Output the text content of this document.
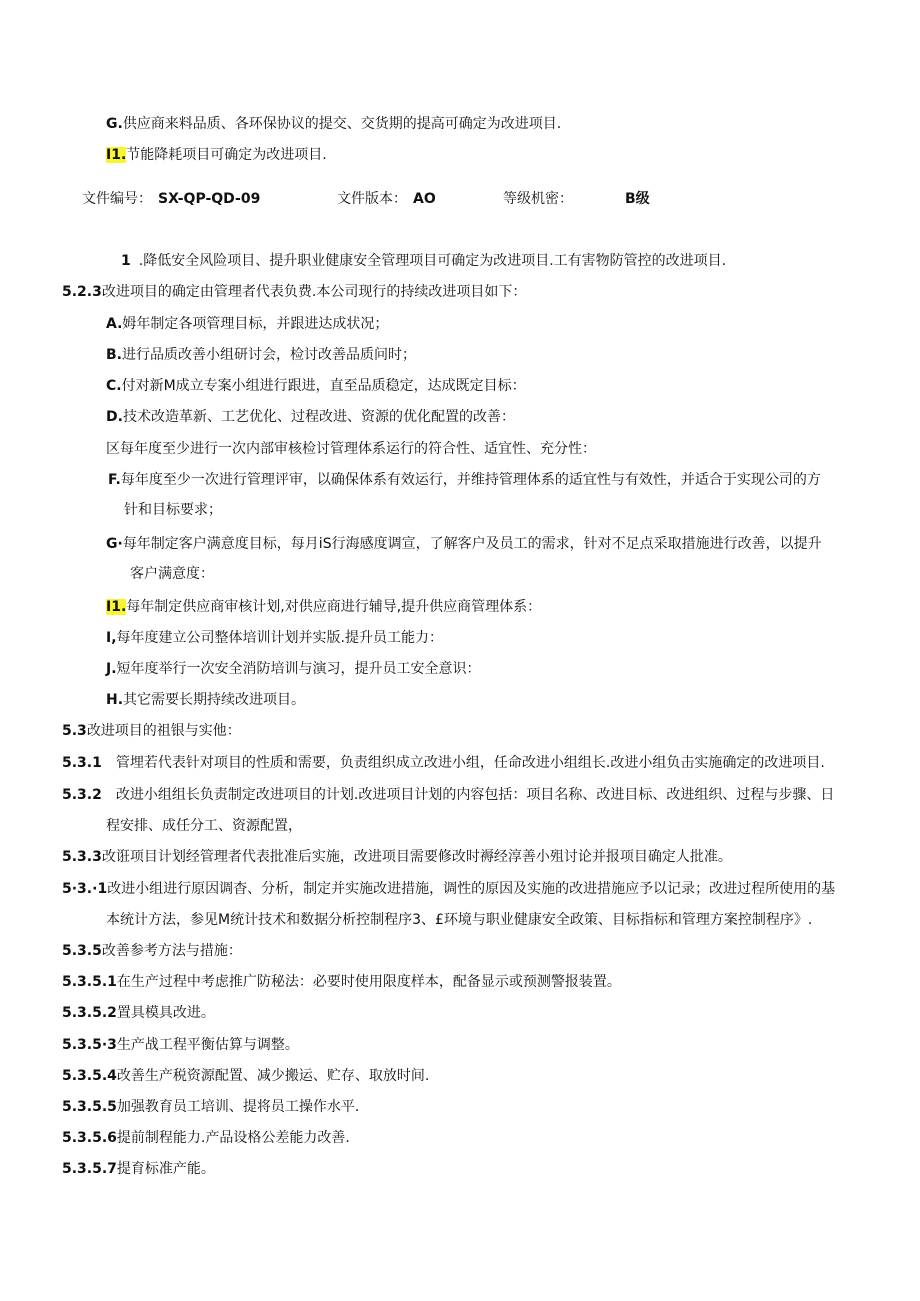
G.供应商来料品质、各环保协议的提交、交货期的提高可确定为改进项目.
I1.节能降耗项目可确定为改进项目.
文件编号： SX-QP-QD-09	文件版本： AO	等级机密：	B级
1 .降低安全风险项目、提升职业健康安全管理项目可确定为改进项目.工有害物防管控的改进项目.
5.2.3改进项目的确定由管理者代表负费.本公司现行的持续改进项目如下：
A.姆年制定各项管理目标，并跟进达成状况；
B.进行品质改善小组研讨会，检讨改善品质问时；
C.付对新M成立专案小组进行跟进，直至品质稳定，达成既定目标：
D.技术改造革新、工艺优化、过程改进、资源的优化配置的改善：
区每年度至少进行一次内部审核检讨管理体系运行的符合性、适宜性、充分性：
F.每年度至少一次进行管理评审，以确保体系有效运行，并维持管理体系的适宜性与有效性，并适合于实现公司的方
针和目标要求；
G·每年制定客户满意度目标，每月iS行海感度调宣，了解客户及员工的需求，针对不足点采取措施进行改善，以提升
客户满意度：
I1.每年制定供应商审核计划,对供应商进行辅导,提升供应商管理体系：
I,每年度建立公司整体培训计划并实版.提升员工能力：
J.短年度举行一次安全消防培训与演习，提升员工安全意识：
H.其它需要长期持续改进项目。
5.3改进项目的祖银与实他：
5.3.1 管埋若代表针对项目的性质和需要，负责组织成立改进小组，任命改进小组组长.改进小组负击实施确定的改进项目.
5.3.2 改进小组组长负责制定改进项目的计划.改进项目计划的内容包括：项目名称、改进目标、改进组织、过程与步骤、日
程安排、成任分工、资源配置，
5.3.3改诳项目计划经管理者代表批准后实施，改进项目需要修改时褥经淳善小殂讨论并报项目确定人批准。
5·3.·1改进小组进行原因调杳、分析，制定并实施改进措施，调性的原因及实施的改进措施应予以记录；改进过程所使用的基
本统计方法，参见M统计技术和数据分析控制程序3、£环境与职业健康安全政策、目标指标和管理方案控制程序》.
5.3.5改善参考方法与措施：
5.3.5.1在生产过程中考虑推广防秘法：必要时使用限度样本，配备显示或预测警报装置。
5.3.5.2置具模具改进。
5.3.5·3生产战工程平衡估算与调整。
5.3.5.4改善生产税资源配置、减少搬运、贮存、取放时间.
5.3.5.5加强教育员工培训、提将员工操作水平.
5.3.5.6提前制程能力.产品设格公差能力改善.
5.3.5.7提育标准产能。
